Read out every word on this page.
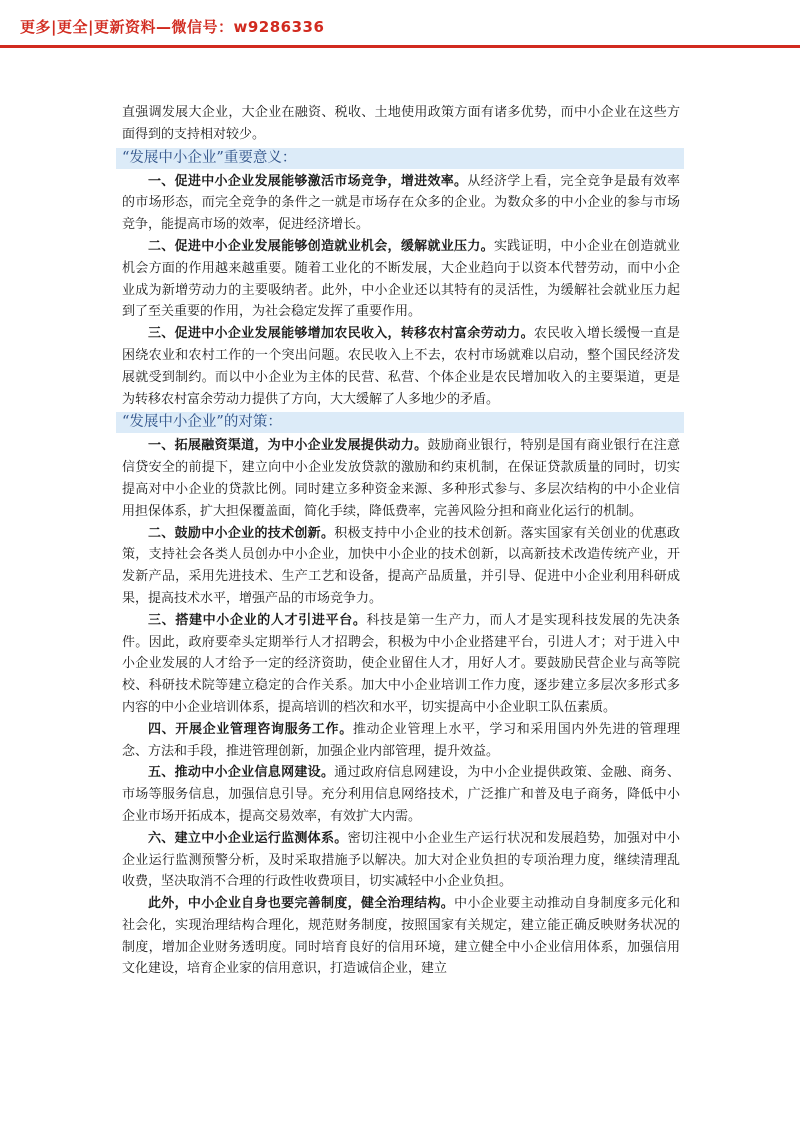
更多|更全|更新资料—微信号：w9286336

直强调发展大企业，大企业在融资、税收、土地使用政策方面有诸多优势，而中小企业在这些方面得到的支持相对较少。

“发展中小企业”重要意义：

一、促进中小企业发展能够激活市场竞争，增进效率。从经济学上看，完全竞争是最有效率的市场形态，而完全竞争的条件之一就是市场存在众多的企业。为数众多的中小企业的参与市场竞争，能提高市场的效率，促进经济增长。

二、促进中小企业发展能够创造就业机会，缓解就业压力。实践证明，中小企业在创造就业机会方面的作用越来越重要。随着工业化的不断发展，大企业趋向于以资本代替劳动，而中小企业成为新增劳动力的主要吸纳者。此外，中小企业还以其特有的灵活性，为缓解社会就业压力起到了至关重要的作用，为社会稳定发挥了重要作用。

三、促进中小企业发展能够增加农民收入，转移农村富余劳动力。农民收入增长缓慢一直是困绕农业和农村工作的一个突出问题。农民收入上不去，农村市场就难以启动，整个国民经济发展就受到制约。而以中小企业为主体的民营、私营、个体企业是农民增加收入的主要渠道，更是为转移农村富余劳动力提供了方向，大大缓解了人多地少的矛盾。

“发展中小企业”的对策：

一、拓展融资渠道，为中小企业发展提供动力。鼓励商业银行，特别是国有商业银行在注意信贷安全的前提下，建立向中小企业发放贷款的激励和约束机制，在保证贷款质量的同时，切实提高对中小企业的贷款比例。同时建立多种资金来源、多种形式参与、多层次结构的中小企业信用担保体系，扩大担保覆盖面，简化手续，降低费率，完善风险分担和商业化运行的机制。

二、鼓励中小企业的技术创新。积极支持中小企业的技术创新。落实国家有关创业的优惠政策，支持社会各类人员创办中小企业，加快中小企业的技术创新，以高新技术改造传统产业，开发新产品，采用先进技术、生产工艺和设备，提高产品质量，并引导、促进中小企业利用科研成果，提高技术水平，增强产品的市场竞争力。

三、搭建中小企业的人才引进平台。科技是第一生产力，而人才是实现科技发展的先决条件。因此，政府要牵头定期举行人才招聘会，积极为中小企业搭建平台，引进人才；对于进入中小企业发展的人才给予一定的经济资助，使企业留住人才，用好人才。要鼓励民营企业与高等院校、科研技术院等建立稳定的合作关系。加大中小企业培训工作力度，逐步建立多层次多形式多内容的中小企业培训体系，提高培训的档次和水平，切实提高中小企业职工队伍素质。

四、开展企业管理咨询服务工作。推动企业管理上水平，学习和采用国内外先进的管理理念、方法和手段，推进管理创新，加强企业内部管理，提升效益。

五、推动中小企业信息网建设。通过政府信息网建设，为中小企业提供政策、金融、商务、市场等服务信息，加强信息引导。充分利用信息网络技术，广泛推广和普及电子商务，降低中小企业市场开拓成本，提高交易效率，有效扩大内需。

六、建立中小企业运行监测体系。密切注视中小企业生产运行状况和发展趋势，加强对中小企业运行监测预警分析，及时采取措施予以解决。加大对企业负担的专项治理力度，继续清理乱收费，坚决取消不合理的行政性收费项目，切实减轻中小企业负担。

此外，中小企业自身也要完善制度，健全治理结构。中小企业要主动推动自身制度多元化和社会化，实现治理结构合理化，规范财务制度，按照国家有关规定，建立能正确反映财务状况的制度，增加企业财务透明度。同时培育良好的信用环境，建立健全中小企业信用体系，加强信用文化建设，培育企业家的信用意识，打造诚信企业，建立
